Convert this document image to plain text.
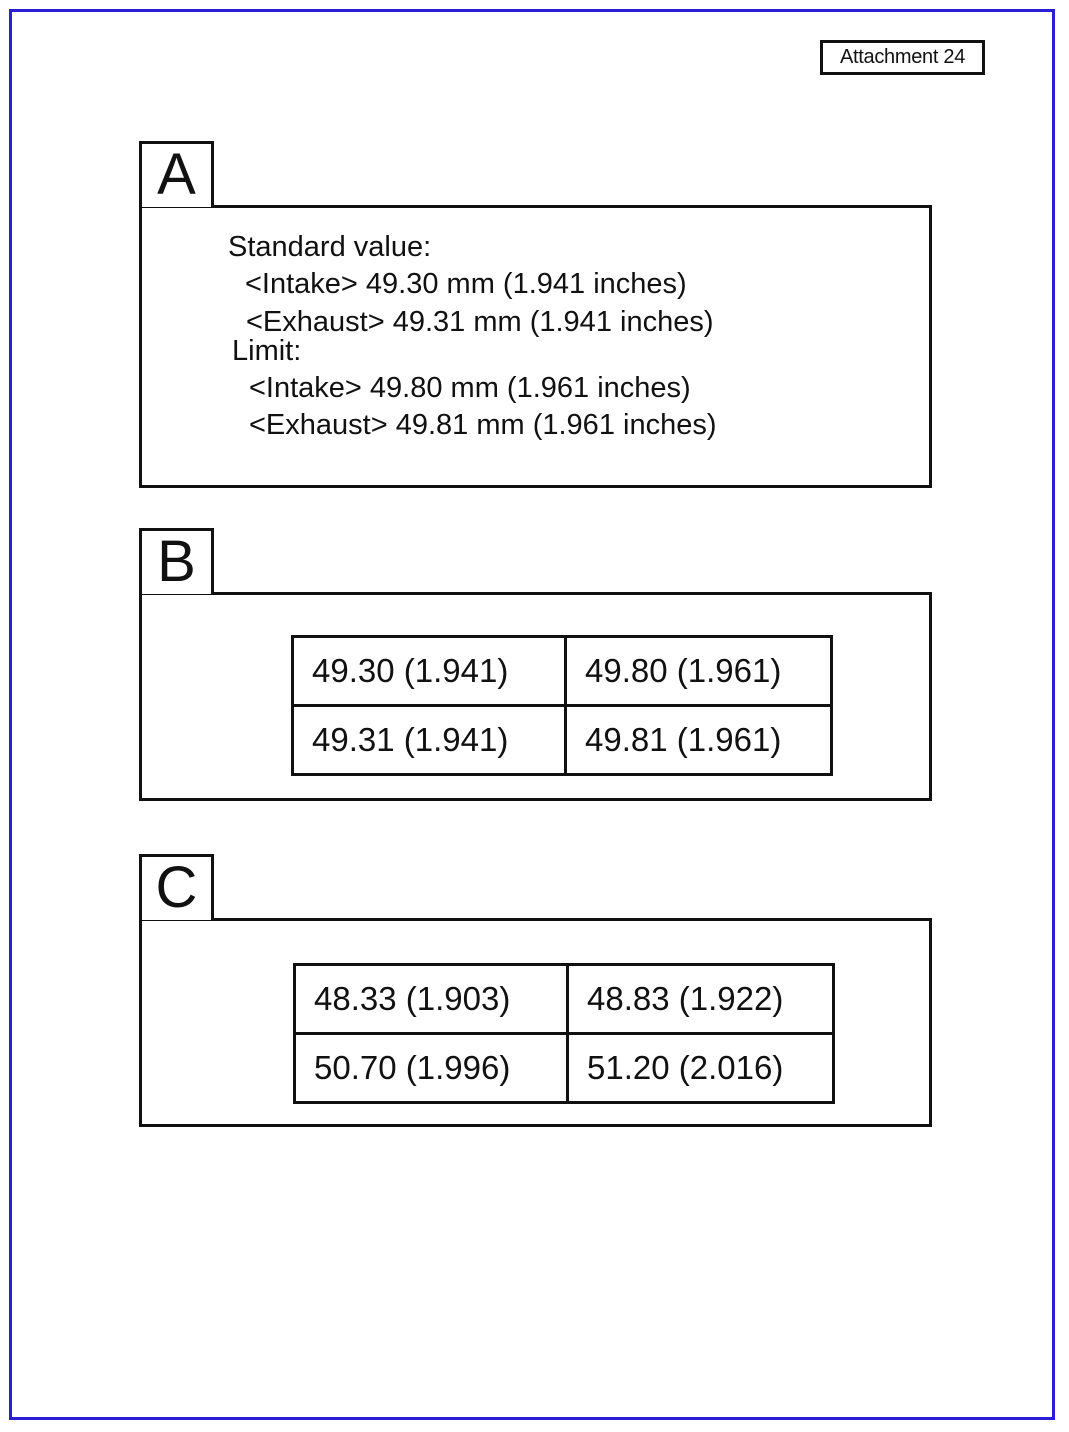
Attachment 24
A
Standard value:
<Intake> 49.30 mm (1.941 inches)
<Exhaust> 49.31 mm (1.941 inches)
Limit:
<Intake> 49.80 mm (1.961 inches)
<Exhaust> 49.81 mm (1.961 inches)
B
49.30 (1.941)	49.80 (1.961)
49.31 (1.941)	49.81 (1.961)
C
48.33 (1.903)	48.83 (1.922)
50.70 (1.996)	51.20 (2.016)
